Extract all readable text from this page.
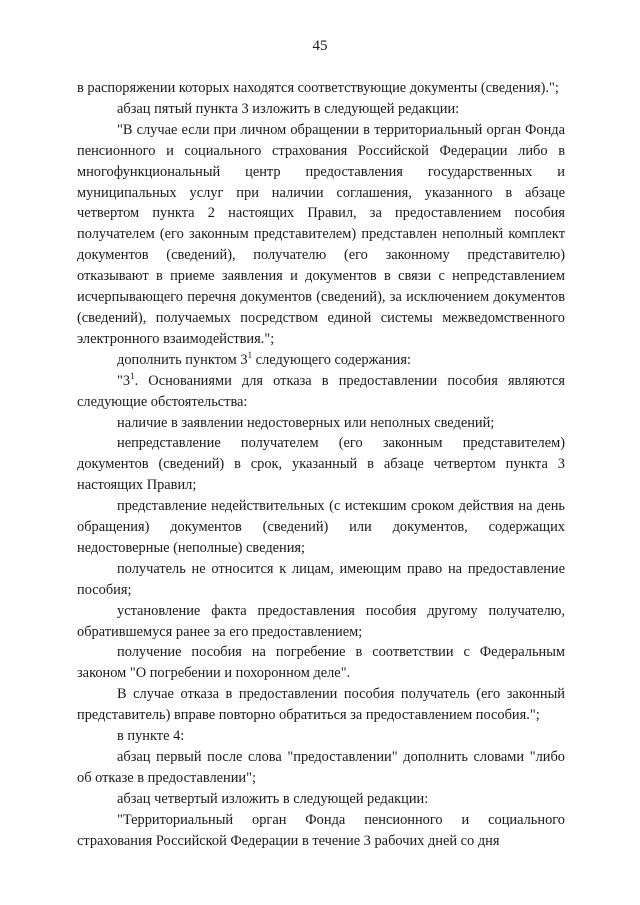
45

в распоряжении которых находятся соответствующие документы (сведения).";

абзац пятый пункта 3 изложить в следующей редакции:

"В случае если при личном обращении в территориальный орган Фонда пенсионного и социального страхования Российской Федерации либо в многофункциональный центр предоставления государственных и муниципальных услуг при наличии соглашения, указанного в абзаце четвертом пункта 2 настоящих Правил, за предоставлением пособия получателем (его законным представителем) представлен неполный комплект документов (сведений), получателю (его законному представителю) отказывают в приеме заявления и документов в связи с непредставлением исчерпывающего перечня документов (сведений), за исключением документов (сведений), получаемых посредством единой системы межведомственного электронного взаимодействия.";

дополнить пунктом $3^1$ следующего содержания:

"$3^1$. Основаниями для отказа в предоставлении пособия являются следующие обстоятельства:

наличие в заявлении недостоверных или неполных сведений;

непредставление получателем (его законным представителем) документов (сведений) в срок, указанный в абзаце четвертом пункта 3 настоящих Правил;

представление недействительных (с истекшим сроком действия на день обращения) документов (сведений) или документов, содержащих недостоверные (неполные) сведения;

получатель не относится к лицам, имеющим право на предоставление пособия;

установление факта предоставления пособия другому получателю, обратившемуся ранее за его предоставлением;

получение пособия на погребение в соответствии с Федеральным законом "О погребении и похоронном деле".

В случае отказа в предоставлении пособия получатель (его законный представитель) вправе повторно обратиться за предоставлением пособия.";

в пункте 4:

абзац первый после слова "предоставлении" дополнить словами "либо об отказе в предоставлении";

абзац четвертый изложить в следующей редакции:

"Территориальный орган Фонда пенсионного и социального страхования Российской Федерации в течение 3 рабочих дней со дня
